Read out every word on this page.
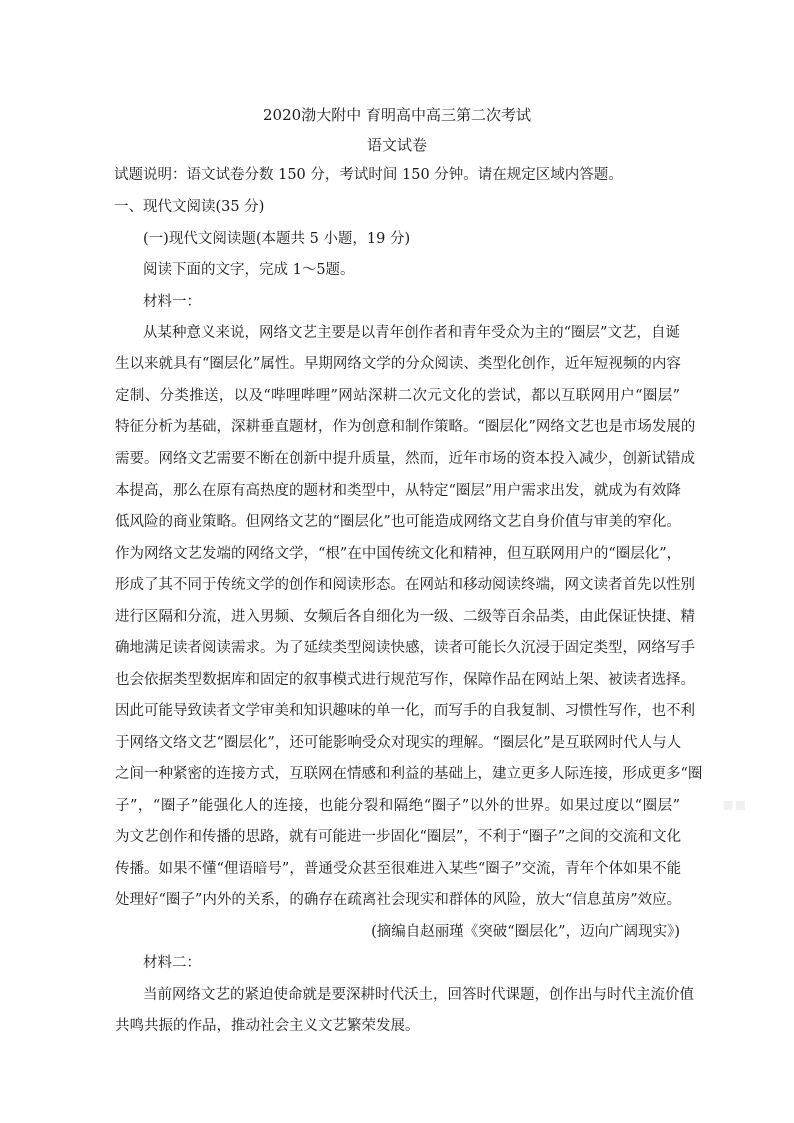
2020渤大附中 育明高中高三第二次考试
语文试卷
试题说明：语文试卷分数 150 分，考试时间 150 分钟。请在规定区域内答题。
一、现代文阅读(35 分)
(一)现代文阅读题(本题共 5 小题，19 分)
阅读下面的文字，完成 1～5题。
材料一：
从某种意义来说，网络文艺主要是以青年创作者和青年受众为主的“圈层”文艺，自诞
生以来就具有“圈层化”属性。早期网络文学的分众阅读、类型化创作，近年短视频的内容
定制、分类推送，以及“哔哩哔哩”网站深耕二次元文化的尝试，都以互联网用户“圈层”
特征分析为基础，深耕垂直题材，作为创意和制作策略。“圈层化”网络文艺也是市场发展的
需要。网络文艺需要不断在创新中提升质量，然而，近年市场的资本投入减少，创新试错成
本提高，那么在原有高热度的题材和类型中，从特定“圈层”用户需求出发，就成为有效降
低风险的商业策略。但网络文艺的“圈层化”也可能造成网络文艺自身价值与审美的窄化。
作为网络文艺发端的网络文学，“根”在中国传统文化和精神，但互联网用户的“圈层化”，
形成了其不同于传统文学的创作和阅读形态。在网站和移动阅读终端，网文读者首先以性别
进行区隔和分流，进入男频、女频后各自细化为一级、二级等百余品类，由此保证快捷、精
确地满足读者阅读需求。为了延续类型阅读快感，读者可能长久沉浸于固定类型，网络写手
也会依据类型数据库和固定的叙事模式进行规范写作，保障作品在网站上架、被读者选择。
因此可能导致读者文学审美和知识趣味的单一化，而写手的自我复制、习惯性写作，也不利
于网络文络文艺“圈层化”，还可能影响受众对现实的理解。“圈层化”是互联网时代人与人
之间一种紧密的连接方式，互联网在情感和利益的基础上，建立更多人际连接，形成更多“圈
子”，“圈子”能强化人的连接，也能分裂和隔绝“圈子”以外的世界。如果过度以“圈层”
为文艺创作和传播的思路，就有可能进一步固化“圈层”，不利于“圈子”之间的交流和文化
传播。如果不懂“俚语暗号”，普通受众甚至很难进入某些“圈子”交流，青年个体如果不能
处理好“圈子”内外的关系，的确存在疏离社会现实和群体的风险，放大“信息茧房”效应。
(摘编自赵丽瑾《突破“圈层化”，迈向广阔现实》)
材料二：
当前网络文艺的紧迫使命就是要深耕时代沃土，回答时代课题，创作出与时代主流价值
共鸣共振的作品，推动社会主义文艺繁荣发展。
▪▪
